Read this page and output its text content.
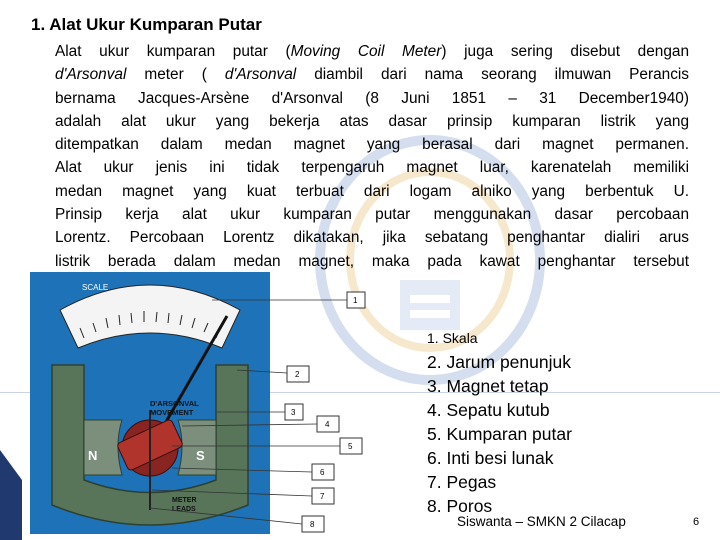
1. Alat Ukur Kumparan Putar
Alat ukur kumparan putar (Moving Coil Meter) juga sering disebut dengan
d'Arsonval meter ( d'Arsonval diambil dari nama seorang ilmuwan Perancis
bernama Jacques-Arsène d'Arsonval (8 Juni 1851 – 31 December1940)
adalah alat ukur yang bekerja atas dasar prinsip kumparan listrik yang
ditempatkan dalam medan magnet yang berasal dari magnet permanen.
Alat ukur jenis ini tidak terpengaruh magnet luar, karenatelah memiliki
medan magnet yang kuat terbuat dari logam alniko yang berbentuk U.
Prinsip kerja alat ukur kumparan putar menggunakan dasar percobaan
Lorentz. Percobaan Lorentz dikatakan, jika sebatang penghantar dialiri arus
listrik berada dalam medan magnet, maka pada kawat penghantar tersebut
SCALE
N	S
D'ARSONVAL
MOVEMENT
METER
LEADS
1
2
3
4
5
6
7
8
1. Skala
2. Jarum penunjuk
3. Magnet tetap
4. Sepatu kutub
5. Kumparan putar
6. Inti besi lunak
7. Pegas
8. Poros
Siswanta – SMKN 2 Cilacap	6
